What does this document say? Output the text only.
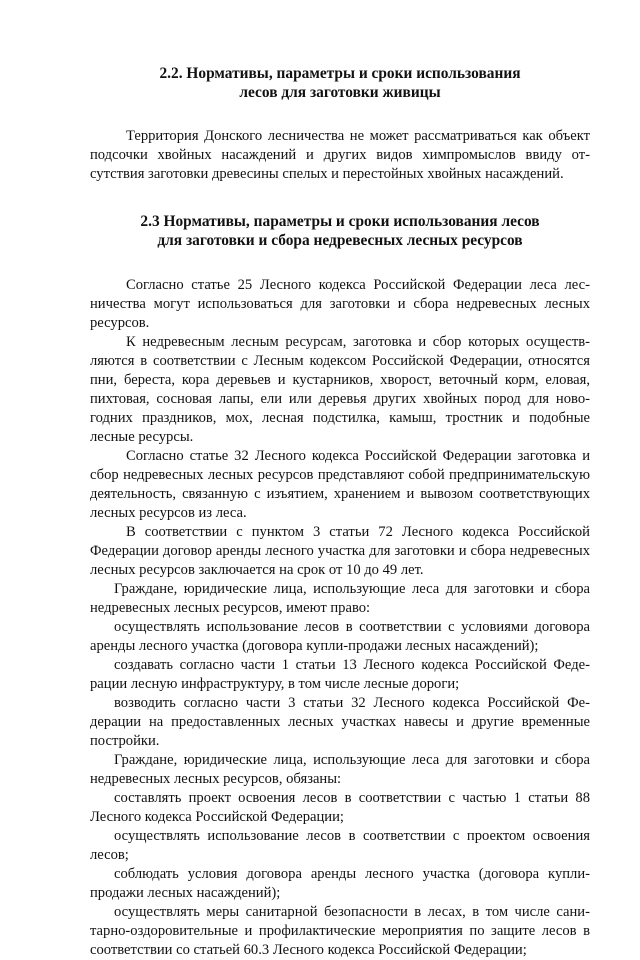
2.2. Нормативы, параметры и сроки использования
лесов для заготовки живицы

Территория Донского лесничества не может рассматриваться как объект подсочки хвойных насаждений и других видов химпромыслов ввиду отсутствия заготовки древесины спелых и перестойных хвойных насаждений.

2.3 Нормативы, параметры и сроки использования лесов
для заготовки и сбора недревесных лесных ресурсов

Согласно статье 25 Лесного кодекса Российской Федерации леса лесничества могут использоваться для заготовки и сбора недревесных лесных ресурсов.

К недревесным лесным ресурсам, заготовка и сбор которых осуществляются в соответствии с Лесным кодексом Российской Федерации, относятся пни, береста, кора деревьев и кустарников, хворост, веточный корм, еловая, пихтовая, сосновая лапы, ели или деревья других хвойных пород для новогодних праздников, мох, лесная подстилка, камыш, тростник и подобные лесные ресурсы.

Согласно статье 32 Лесного кодекса Российской Федерации заготовка и сбор недревесных лесных ресурсов представляют собой предпринимательскую деятельность, связанную с изъятием, хранением и вывозом соответствующих лесных ресурсов из леса.

В соответствии с пунктом 3 статьи 72 Лесного кодекса Российской Федерации договор аренды лесного участка для заготовки и сбора недревесных лесных ресурсов заключается на срок от 10 до 49 лет.

Граждане, юридические лица, использующие леса для заготовки и сбора недревесных лесных ресурсов, имеют право:

осуществлять использование лесов в соответствии с условиями договора аренды лесного участка (договора купли-продажи лесных насаждений);

создавать согласно части 1 статьи 13 Лесного кодекса Российской Федерации лесную инфраструктуру, в том числе лесные дороги;

возводить согласно части 3 статьи 32 Лесного кодекса Российской Федерации на предоставленных лесных участках навесы и другие временные постройки.

Граждане, юридические лица, использующие леса для заготовки и сбора недревесных лесных ресурсов, обязаны:

составлять проект освоения лесов в соответствии с частью 1 статьи 88 Лесного кодекса Российской Федерации;

осуществлять использование лесов в соответствии с проектом освоения лесов;

соблюдать условия договора аренды лесного участка (договора купли-продажи лесных насаждений);

осуществлять меры санитарной безопасности в лесах, в том числе санитарно-оздоровительные и профилактические мероприятия по защите лесов в соответствии со статьей 60.3 Лесного кодекса Российской Федерации;
